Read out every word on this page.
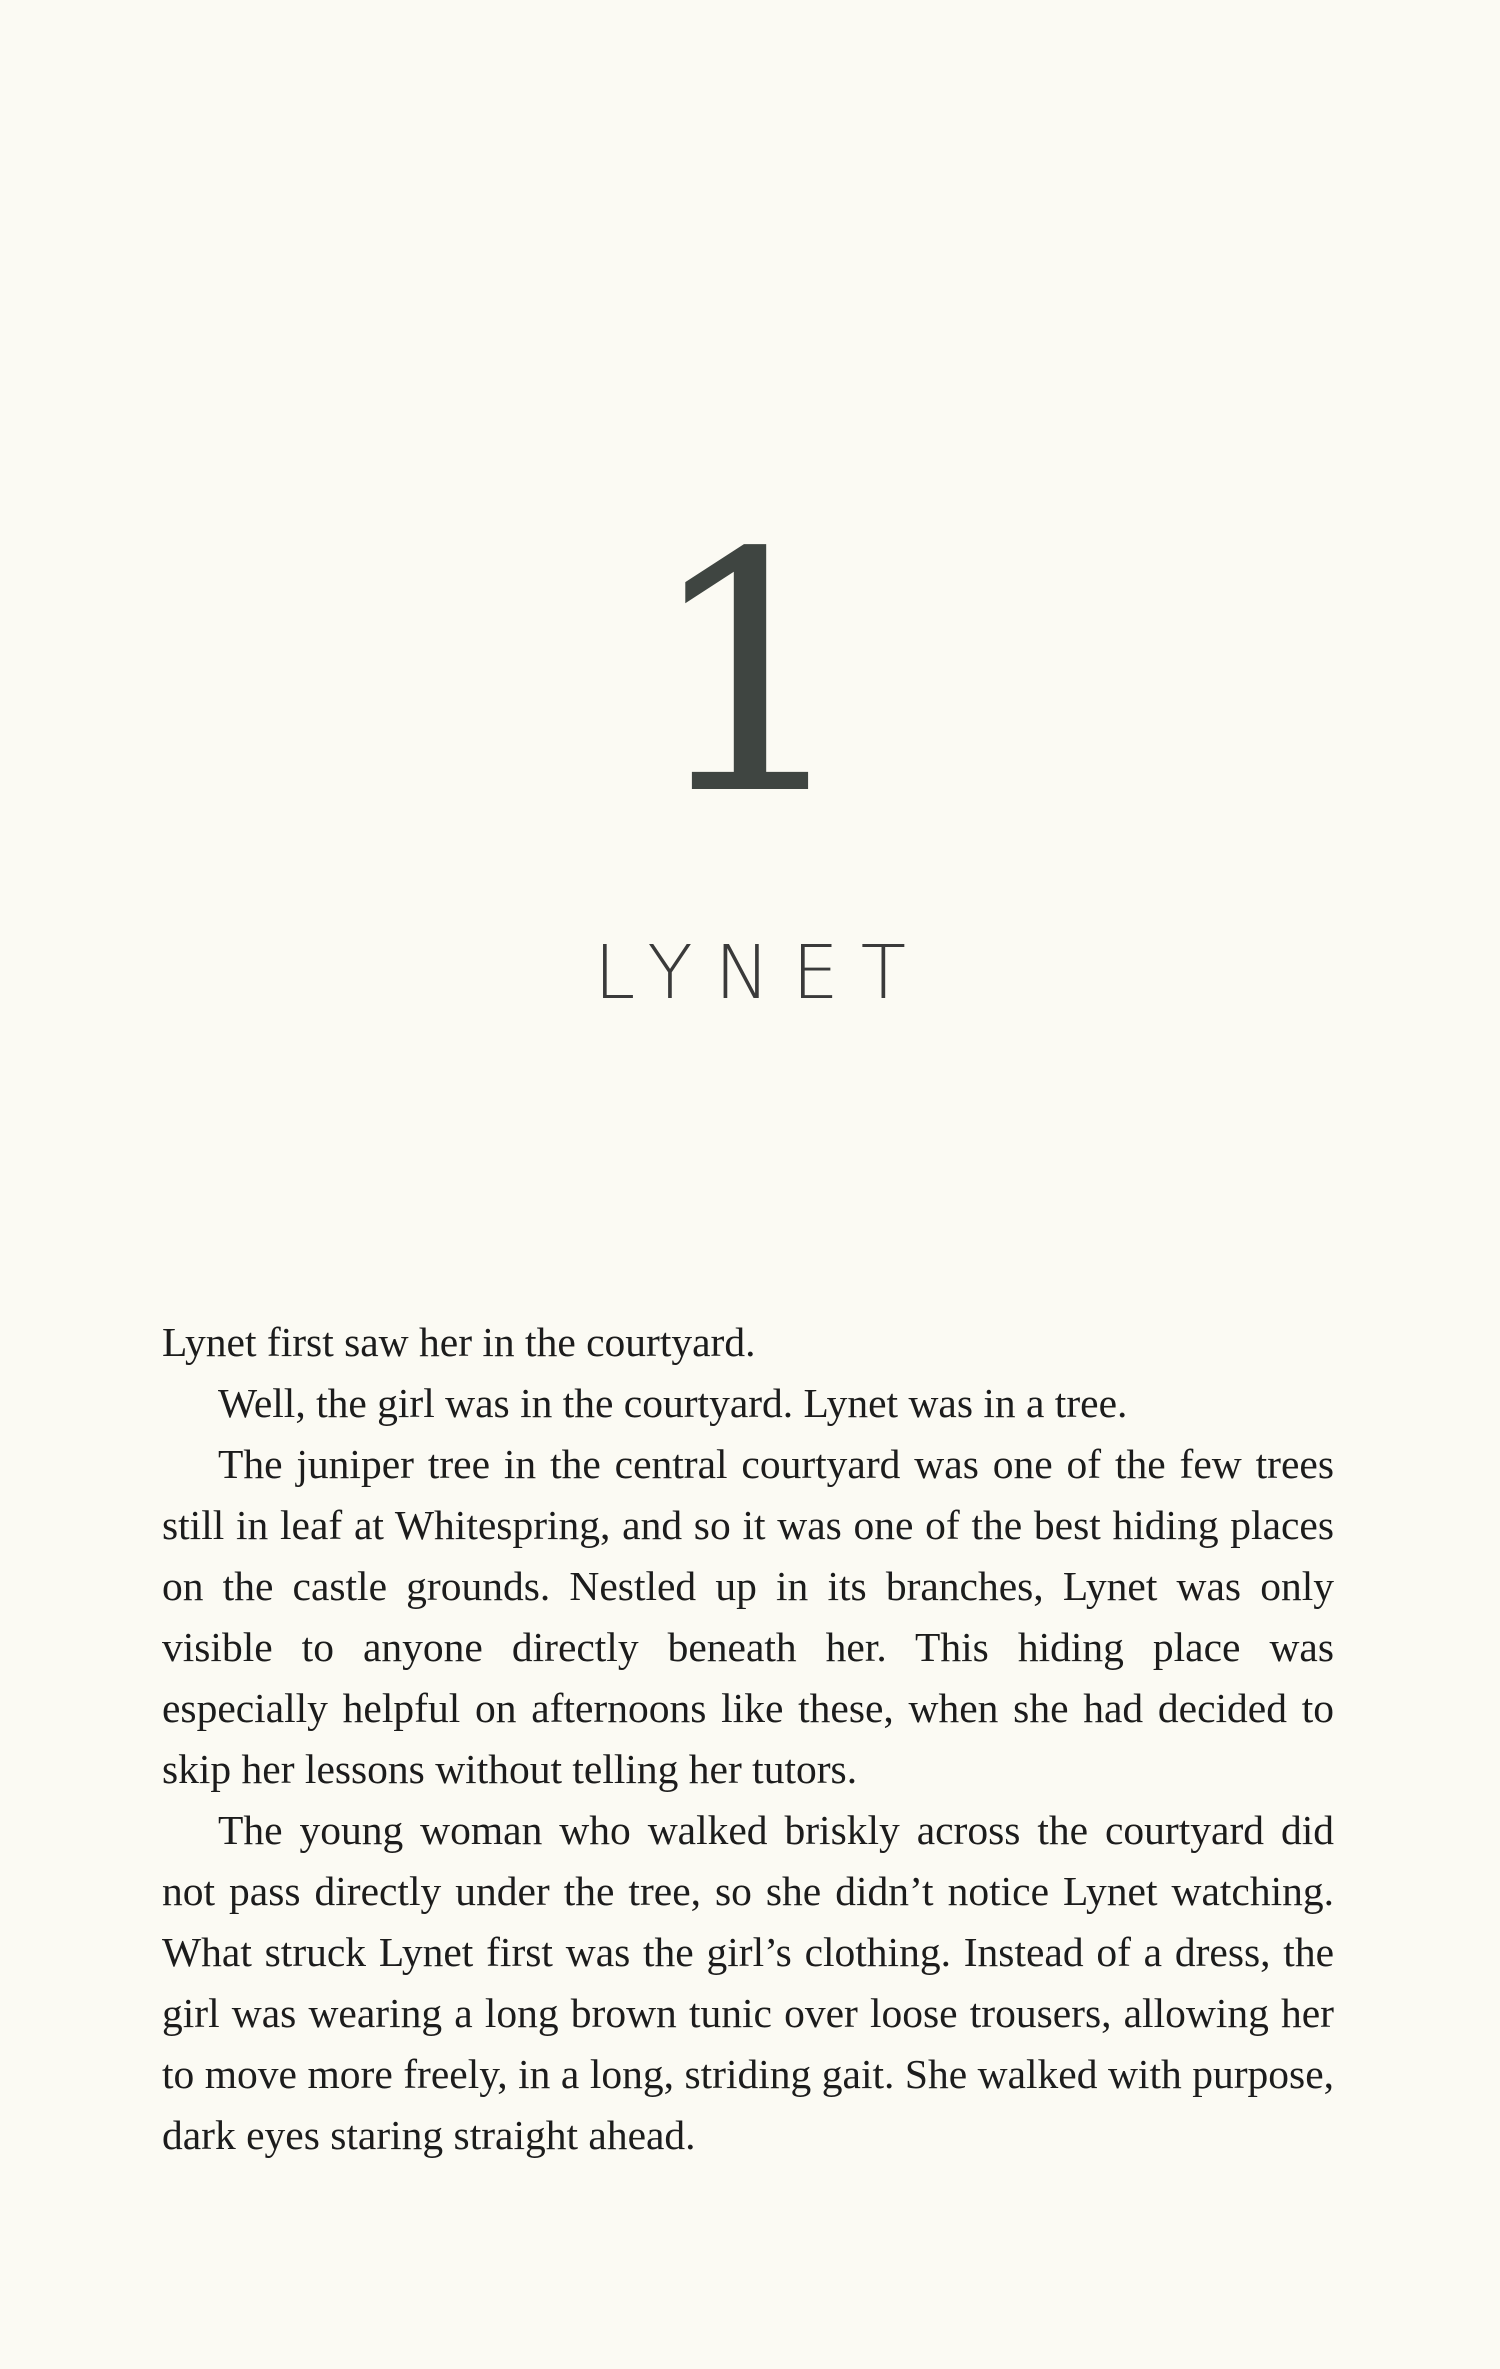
1
LYNET

Lynet first saw her in the courtyard.

Well, the girl was in the courtyard. Lynet was in a tree.

The juniper tree in the central courtyard was one of the few trees still in leaf at Whitespring, and so it was one of the best hiding places on the castle grounds. Nestled up in its branches, Lynet was only visible to anyone directly beneath her. This hiding place was especially helpful on afternoons like these, when she had decided to skip her lessons without telling her tutors.

The young woman who walked briskly across the courtyard did not pass directly under the tree, so she didn’t notice Lynet watching. What struck Lynet first was the girl’s clothing. Instead of a dress, the girl was wearing a long brown tunic over loose trousers, allowing her to move more freely, in a long, striding gait. She walked with purpose, dark eyes staring straight ahead.
